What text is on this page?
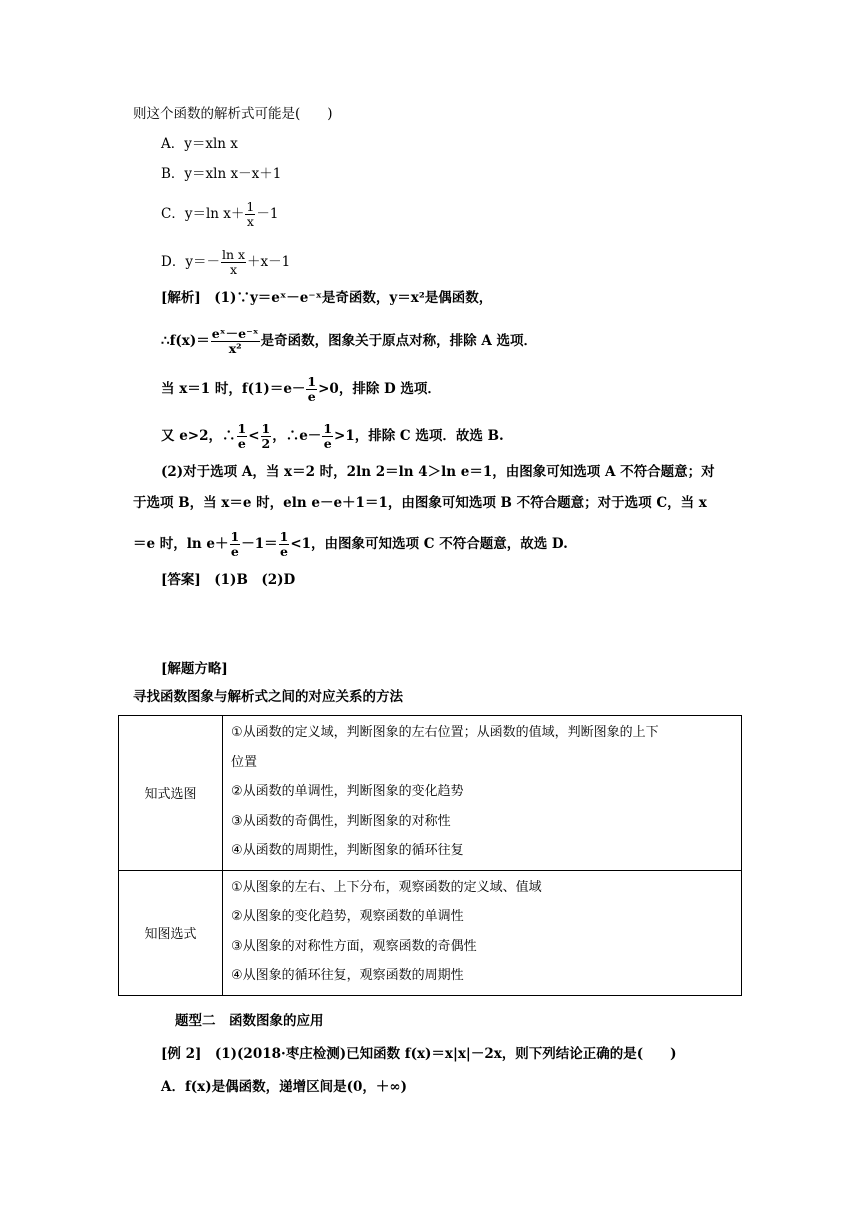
则这个函数的解析式可能是(　　)
A．y＝xln x
B．y＝xln x－x＋1
C．y＝ln $x+ \frac{1}{x} -1$
D．$y=- \frac{\text{ln x}}{x} +x-1$
[解析]　 (1)∵y＝eˣ－e⁻ˣ是奇函数，y＝x²是偶函数，
∴f(x)＝ $\frac{\text{eˣ－e⁻ˣ}}{\text{x²}}$ 是奇函数，图象关于原点对称，排除 A 选项．
当 x＝1 时，$f(1)=e- \frac{1}{e} >0$，排除 D 选项．
又 e>2，∴ $\frac{1}{e} < \frac{1}{2}$ ，∴e－ $\frac{1}{e} >1$，排除 C 选项．故选 B.
(2)对于选项 A，当 x＝2 时，2ln 2＝ln 4＞ln e＝1，由图象可知选项 A 不符合题意；对
于选项 B，当 x＝e 时，eln e－e＋1＝1，由图象可知选项 B 不符合题意；对于选项 C，当 x
＝e 时，$\ln e+ \frac{1}{e} -1= \frac{1}{e} <1$，由图象可知选项 C 不符合题意，故选 D.
[答案]　 (1)B　(2)D
[解题方略]
寻找函数图象与解析式之间的对应关系的方法
知式选图	①从函数的定义域，判断图象的左右位置；从函数的值域，判断图象的上下
位置
②从函数的单调性，判断图象的变化趋势
③从函数的奇偶性，判断图象的对称性
④从函数的周期性，判断图象的循环往复

知图选式	①从图象的左右、上下分布，观察函数的定义域、值域
②从图象的变化趋势，观察函数的单调性
③从图象的对称性方面，观察函数的奇偶性
④从图象的循环往复，观察函数的周期性
题型二　函数图象的应用
[例 2]　 (1)(2018·枣庄检测)已知函数 f(x)＝x|x|－2x，则下列结论正确的是(　　)
A．f(x)是偶函数，递增区间是(0，＋∞)
